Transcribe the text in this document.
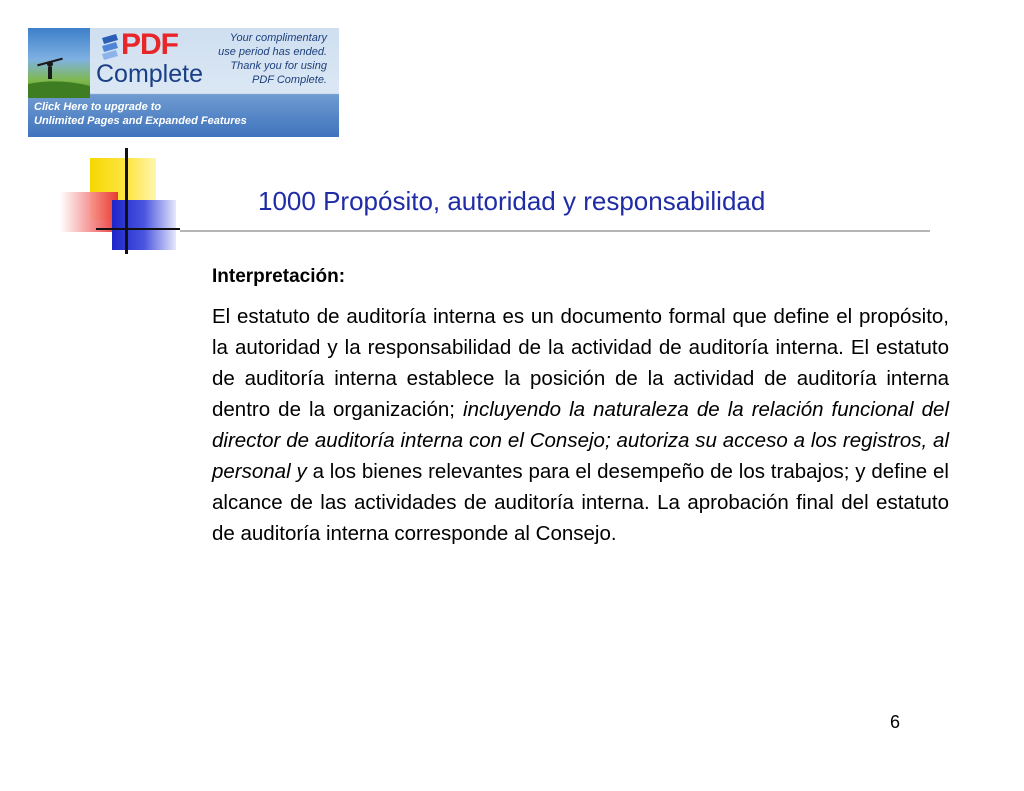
PDF
Complete
Your complimentary
use period has ended.
Thank you for using
PDF Complete.
Click Here to upgrade to
Unlimited Pages and Expanded Features
1000 Propósito, autoridad y responsabilidad
Interpretación:
El estatuto de auditoría interna es un documento formal que define el propósito, la autoridad y la responsabilidad de la actividad de auditoría interna. El estatuto de auditoría interna establece la posición de la actividad de auditoría interna dentro de la organización; incluyendo la naturaleza de la relación funcional del director de auditoría interna con el Consejo; autoriza su acceso a los registros, al personal y a los bienes relevantes para el desempeño de los trabajos; y define el alcance de las actividades de auditoría interna. La aprobación final del estatuto de auditoría interna corresponde al Consejo.
6
